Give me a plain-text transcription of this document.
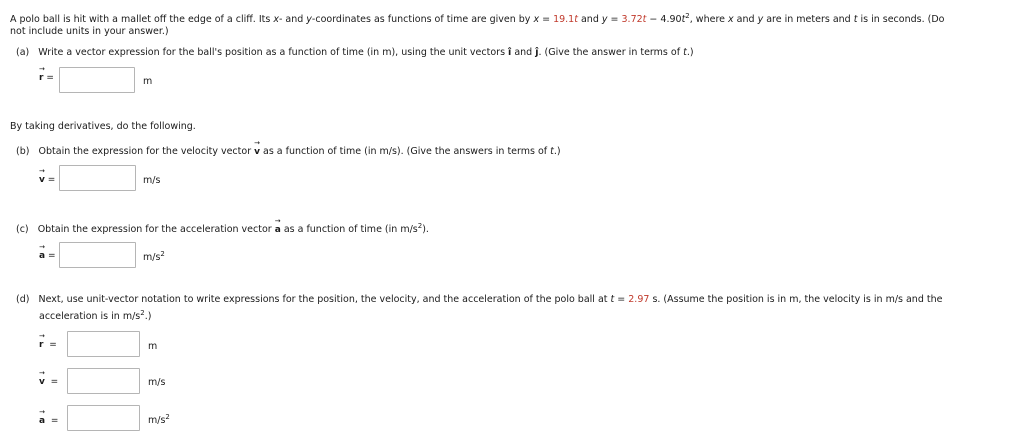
A polo ball is hit with a mallet off the edge of a cliff. Its x- and y-coordinates as functions of time are given by x = 19.1t and $y = 3.72t - 4.90t^2$, where x and y are in meters and t is in seconds. (Do
not include units in your answer.)
(a) Write a vector expression for the ball's position as a function of time (in m), using the unit vectors î and ĵ. (Give the answer in terms of t.)
→
r =	m
By taking derivatives, do the following.
(b) Obtain the expression for the velocity vector
→
v as a function of time (in m/s). (Give the answers in terms of t.)
→
v =	m/s
(c) Obtain the expression for the acceleration vector
→
a as a function of time (in $m/s^2$).
→
a =	$m/s^2$
(d) Next, use unit-vector notation to write expressions for the position, the velocity, and the acceleration of the polo ball at t = 2.97 s. (Assume the position is in m, the velocity is in m/s and the
acceleration is in $m/s^2$.)
→
r =	m
→
v =	m/s
→
a =	$m/s^2$
